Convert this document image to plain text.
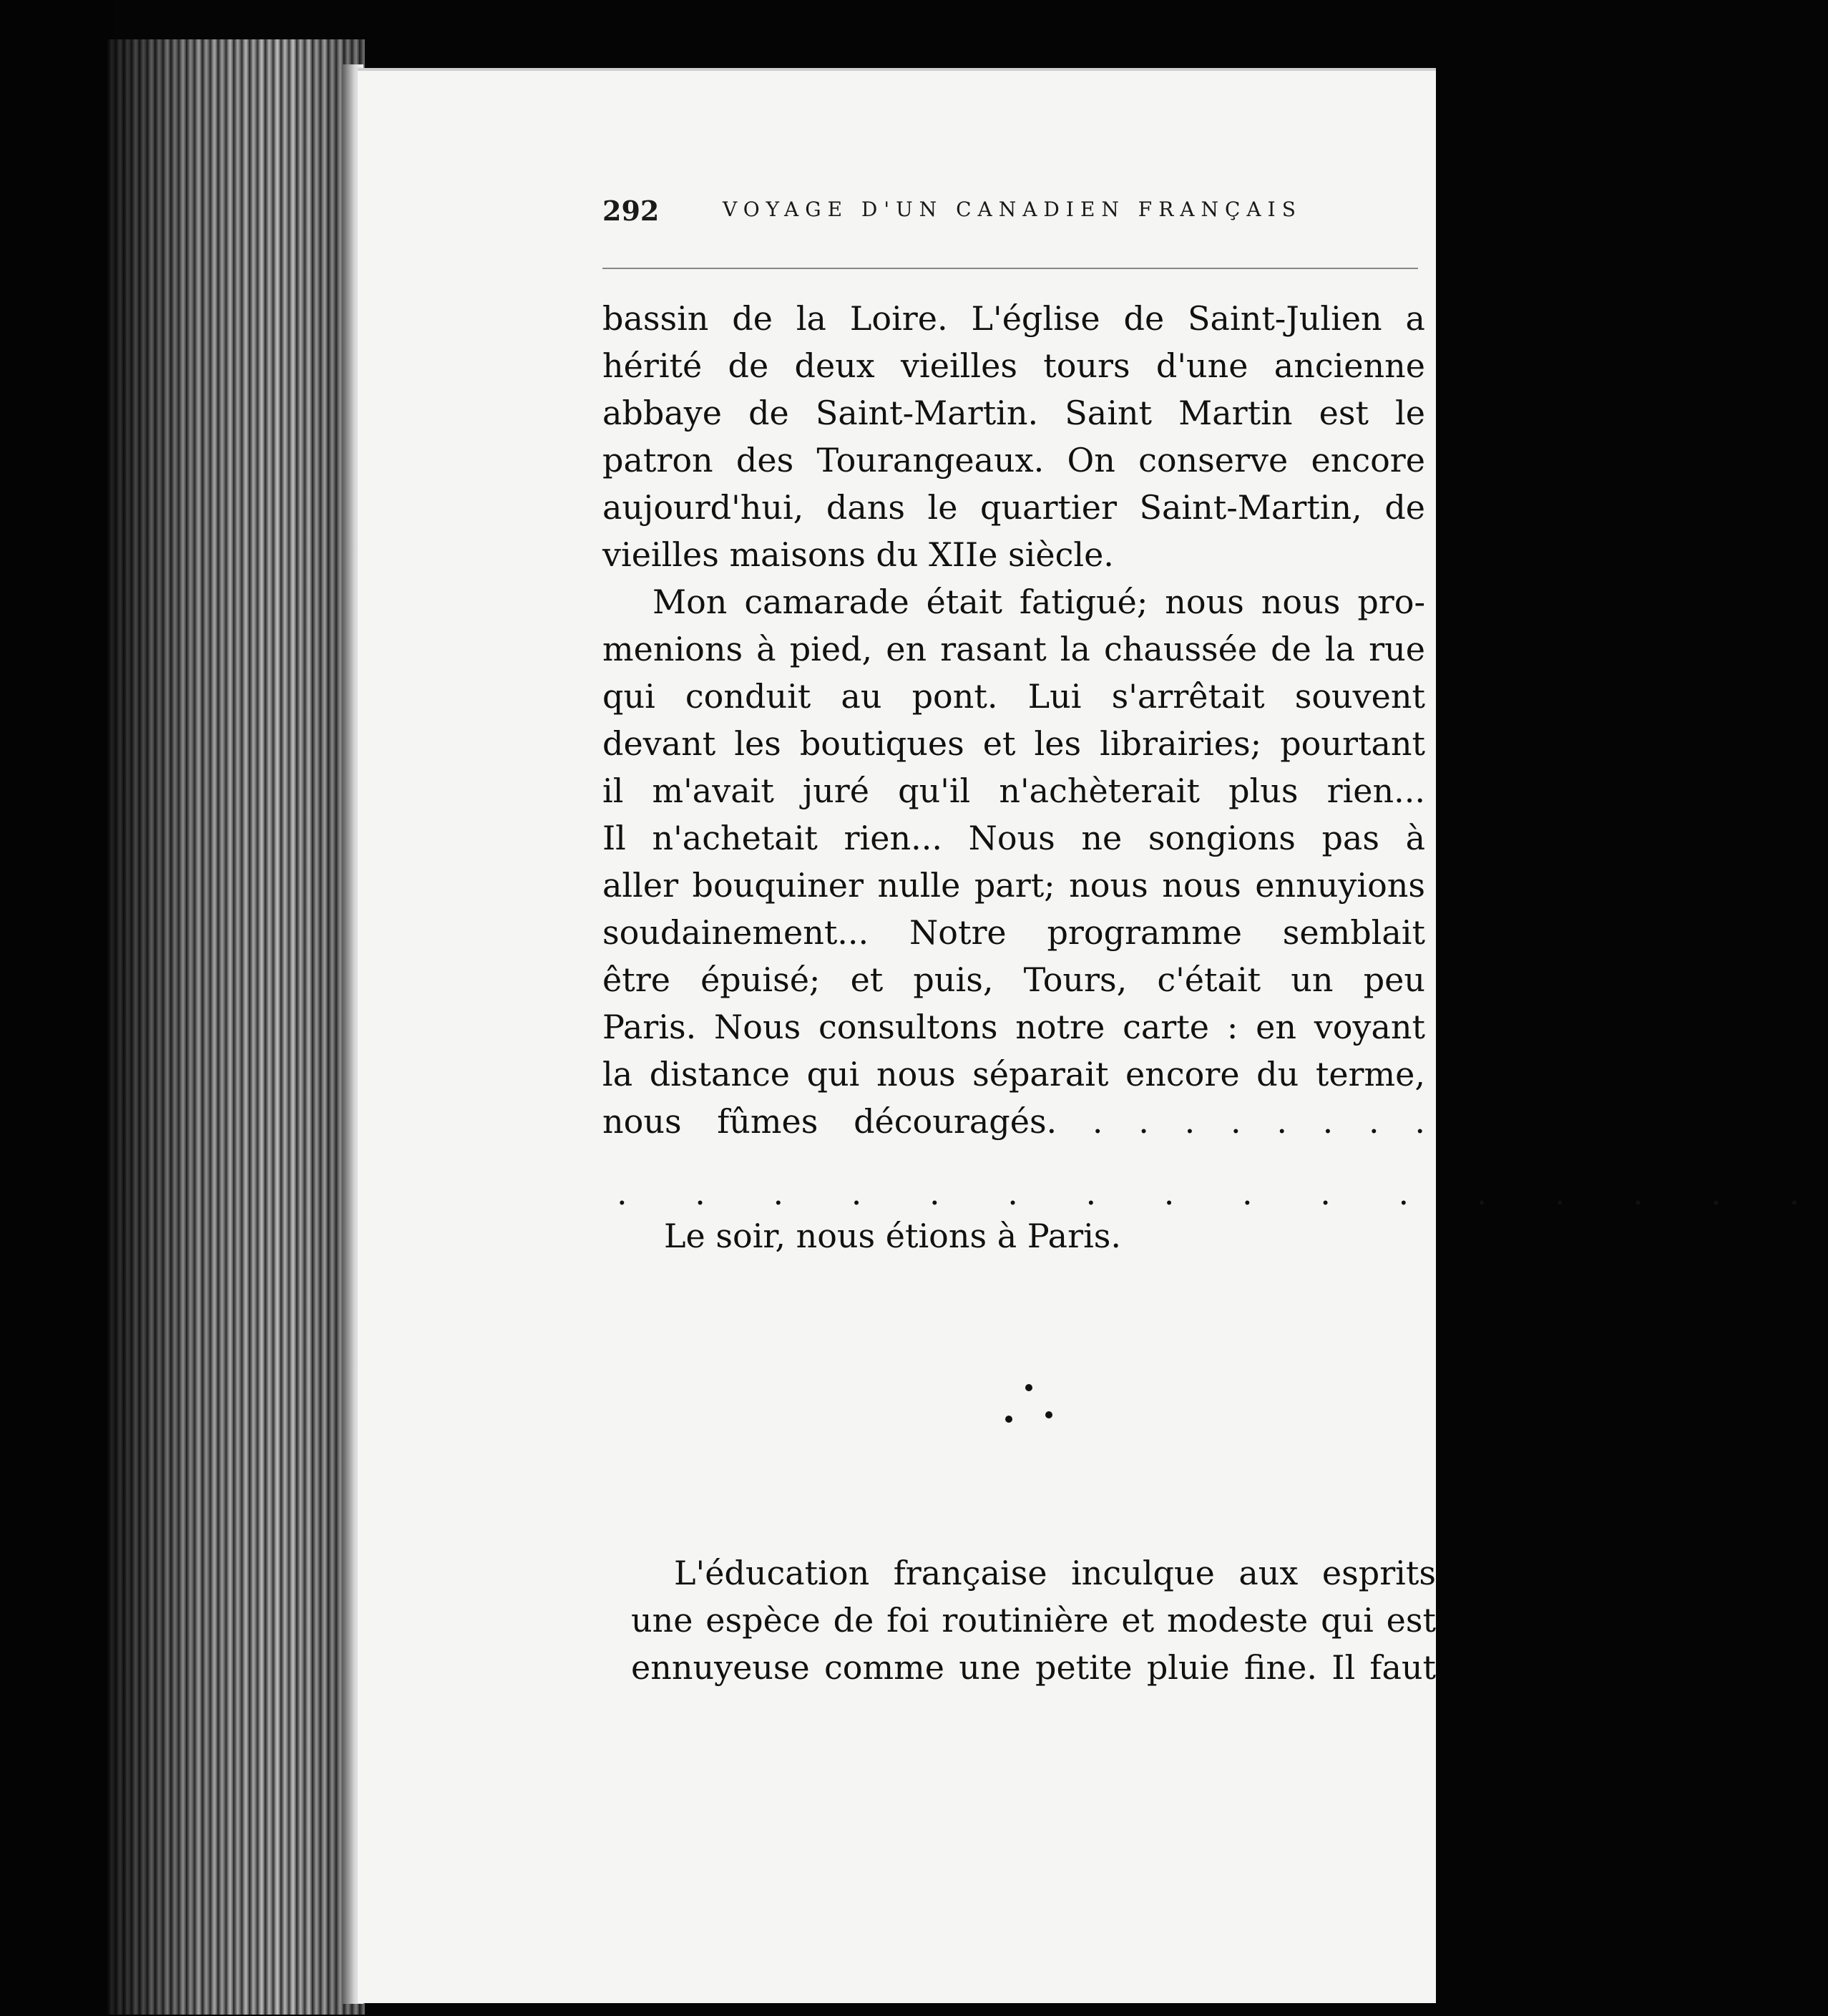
292	VOYAGE D'UN CANADIEN FRANÇAIS
bassin de la Loire. L'église de Saint-Julien a
hérité de deux vieilles tours d'une ancienne
abbaye de Saint-Martin. Saint Martin est le
patron des Tourangeaux. On conserve encore
aujourd'hui, dans le quartier Saint-Martin, de
vieilles maisons du XIIe siècle.
Mon camarade était fatigué; nous nous pro-
menions à pied, en rasant la chaussée de la rue
qui conduit au pont. Lui s'arrêtait souvent
devant les boutiques et les librairies; pourtant
il m'avait juré qu'il n'achèterait plus rien...
Il n'achetait rien... Nous ne songions pas à
aller bouquiner nulle part; nous nous ennuyions
soudainement... Notre programme semblait
être épuisé; et puis, Tours, c'était un peu
Paris. Nous consultons notre carte : en voyant
la distance qui nous séparait encore du terme,
nous fûmes découragés. . . . . . . . .
. . . . . . . . . . . . . . . .
Le soir, nous étions à Paris.
L'éducation française inculque aux esprits
une espèce de foi routinière et modeste qui est
ennuyeuse comme une petite pluie fine. Il faut
